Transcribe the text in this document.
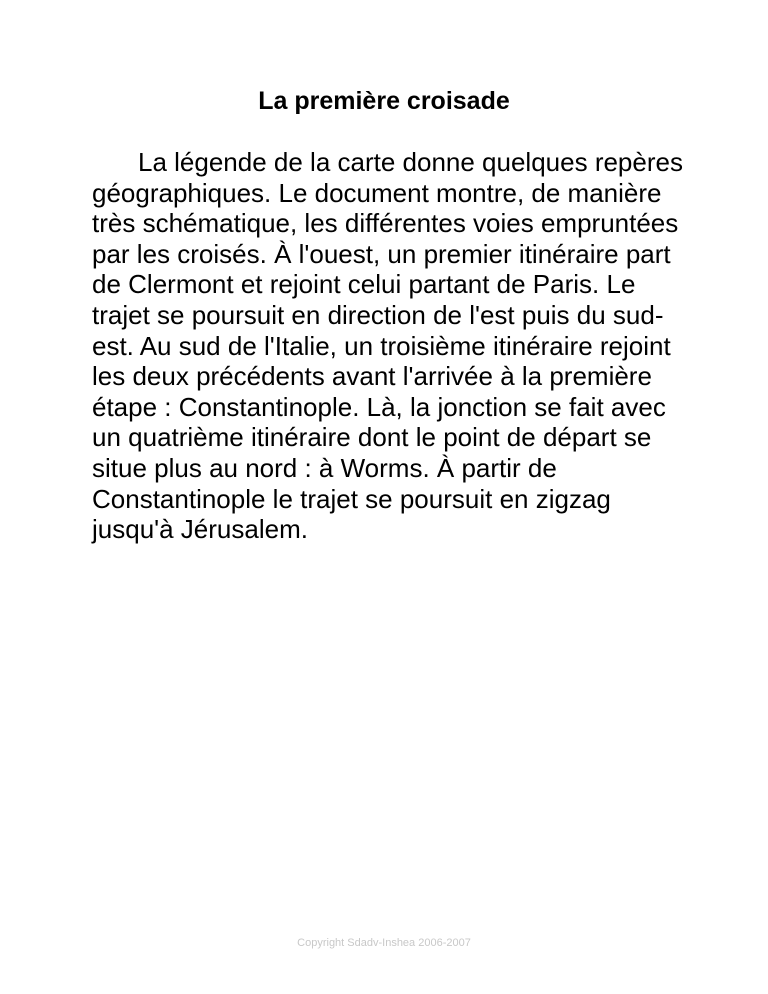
La première croisade

La légende de la carte donne quelques repères géographiques. Le document montre, de manière très schématique, les différentes voies empruntées par les croisés. À l'ouest, un premier itinéraire part de Clermont et rejoint celui partant de Paris. Le trajet se poursuit en direction de l'est puis du sud-est. Au sud de l'Italie, un troisième itinéraire rejoint les deux précédents avant l'arrivée à la première étape : Constantinople. Là, la jonction se fait avec un quatrième itinéraire dont le point de départ se situe plus au nord : à Worms. À partir de Constantinople le trajet se poursuit en zigzag jusqu'à Jérusalem.

Copyright Sdadv-Inshea 2006-2007
